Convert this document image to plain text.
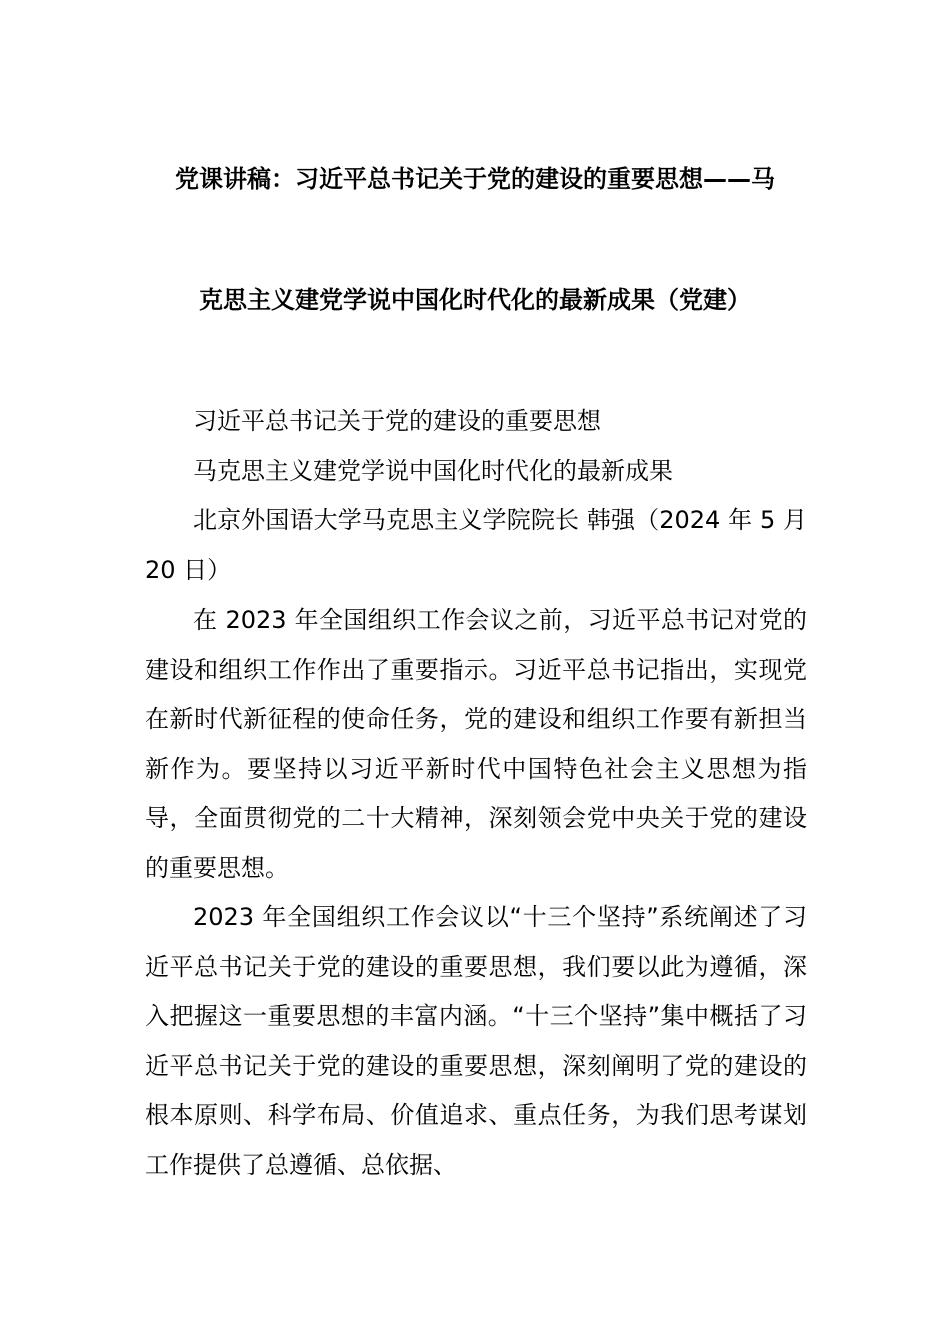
党课讲稿：习近平总书记关于党的建设的重要思想——马
克思主义建党学说中国化时代化的最新成果（党建）

习近平总书记关于党的建设的重要思想

马克思主义建党学说中国化时代化的最新成果

北京外国语大学马克思主义学院院长 韩强（2024 年 5 月 20 日）

在 2023 年全国组织工作会议之前，习近平总书记对党的建设和组织工作作出了重要指示。习近平总书记指出，实现党在新时代新征程的使命任务，党的建设和组织工作要有新担当新作为。要坚持以习近平新时代中国特色社会主义思想为指导，全面贯彻党的二十大精神，深刻领会党中央关于党的建设的重要思想。

2023 年全国组织工作会议以“十三个坚持”系统阐述了习近平总书记关于党的建设的重要思想，我们要以此为遵循，深入把握这一重要思想的丰富内涵。“十三个坚持”集中概括了习近平总书记关于党的建设的重要思想，深刻阐明了党的建设的根本原则、科学布局、价值追求、重点任务，为我们思考谋划工作提供了总遵循、总依据、
